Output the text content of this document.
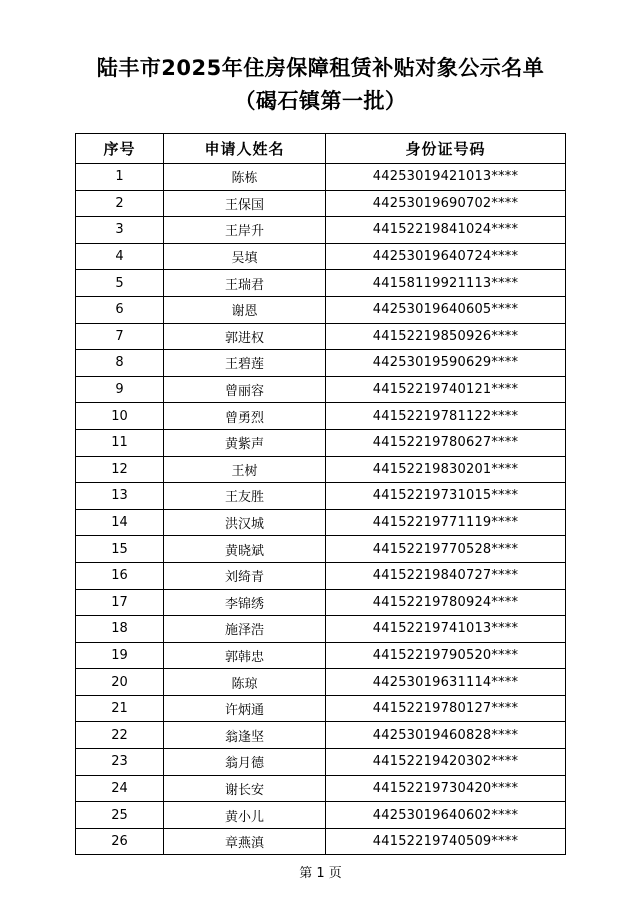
陆丰市2025年住房保障租赁补贴对象公示名单
（碣石镇第一批）
序号	申请人姓名	身份证号码
1	陈栋	44253019421013****
2	王保国	44253019690702****
3	王岸升	44152219841024****
4	吴填	44253019640724****
5	王瑞君	44158119921113****
6	谢恩	44253019640605****
7	郭进权	44152219850926****
8	王碧莲	44253019590629****
9	曾丽容	44152219740121****
10	曾勇烈	44152219781122****
11	黄紫声	44152219780627****
12	王树	44152219830201****
13	王友胜	44152219731015****
14	洪汉城	44152219771119****
15	黄晓斌	44152219770528****
16	刘绮青	44152219840727****
17	李锦绣	44152219780924****
18	施泽浩	44152219741013****
19	郭韩忠	44152219790520****
20	陈琼	44253019631114****
21	许炳通	44152219780127****
22	翁逢坚	44253019460828****
23	翁月德	44152219420302****
24	谢长安	44152219730420****
25	黄小儿	44253019640602****
26	章燕滇	44152219740509****
第 1 页
